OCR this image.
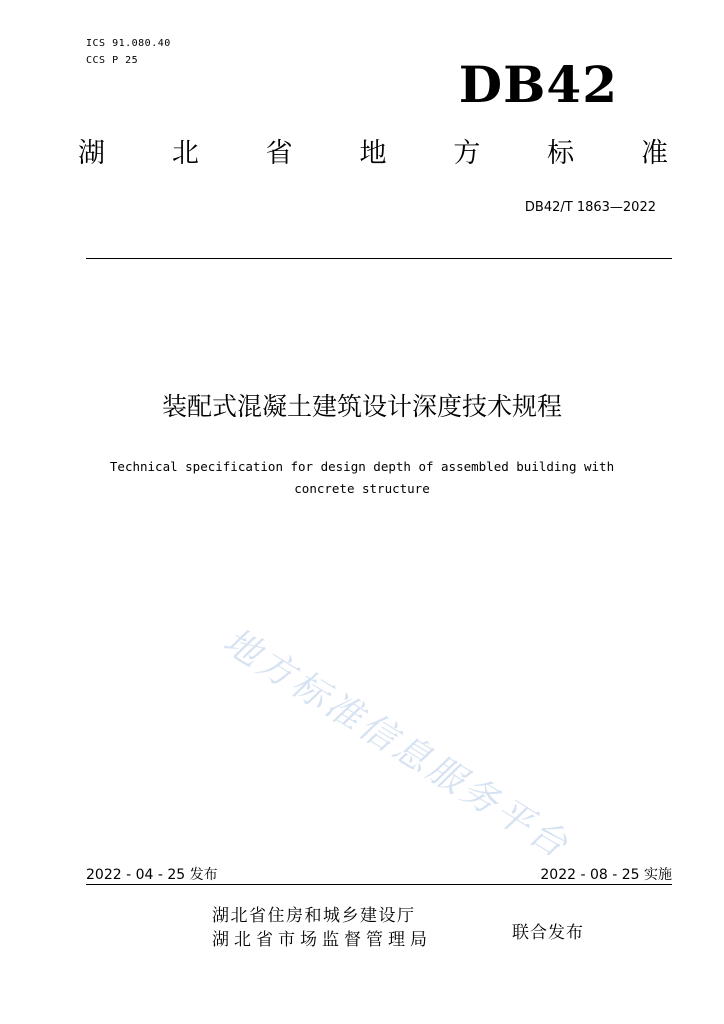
ICS 91.080.40
CCS P 25	DB42
湖 北 省 地 方 标 准
DB42/T 1863—2022
装配式混凝土建筑设计深度技术规程
Technical specification for design depth of assembled building with
concrete structure
地方标准信息服务平台
2022 - 04 - 25 发布	2022 - 08 - 25 实施
湖北省住房和城乡建设厅
湖北省市场监督管理局	联合发布
